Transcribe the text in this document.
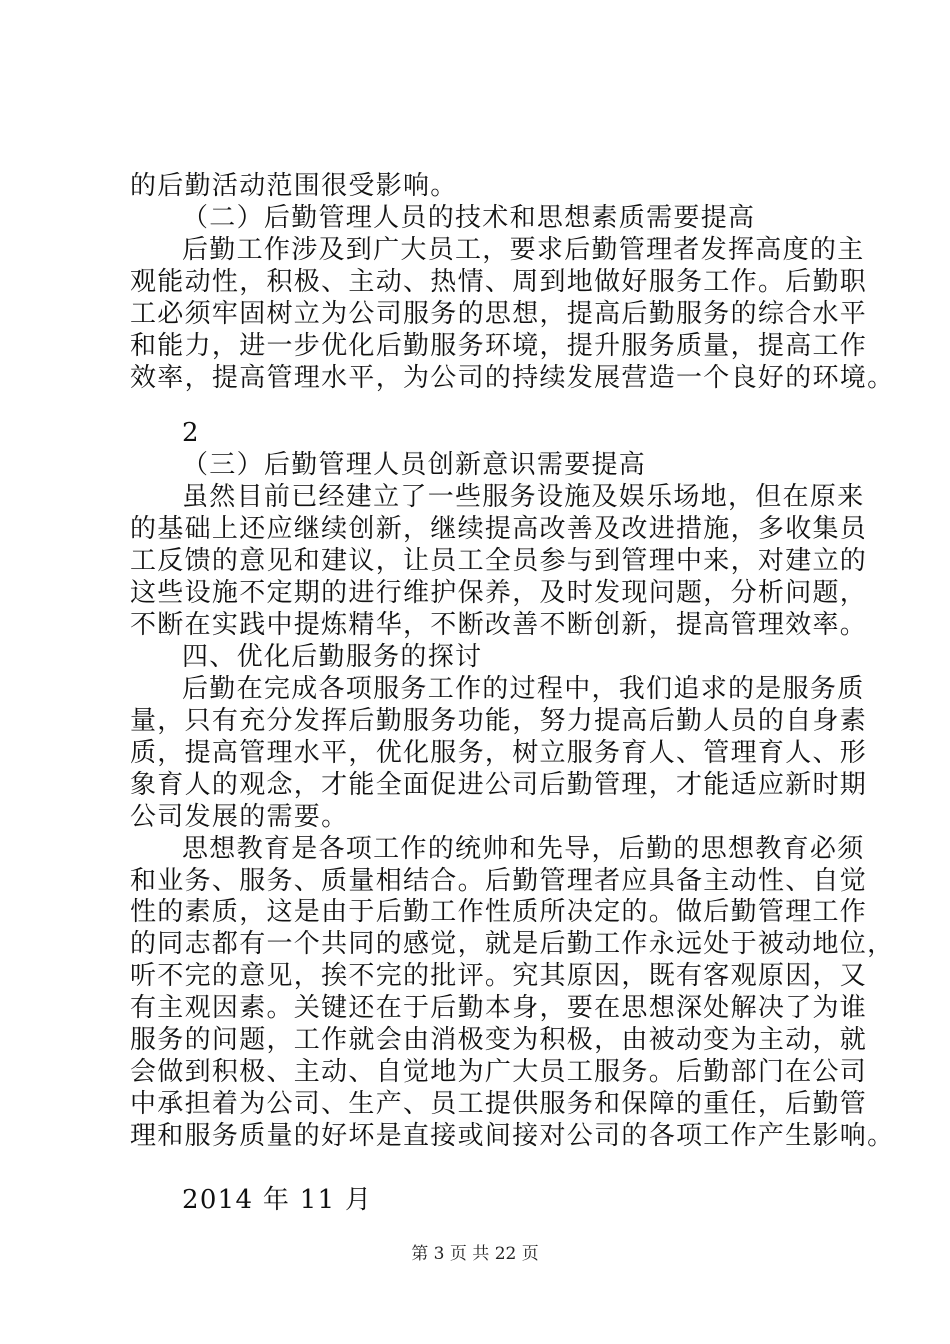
的后勤活动范围很受影响。
（二）后勤管理人员的技术和思想素质需要提高
后勤工作涉及到广大员工，要求后勤管理者发挥高度的主
观能动性，积极、主动、热情、周到地做好服务工作。后勤职
工必须牢固树立为公司服务的思想，提高后勤服务的综合水平
和能力，进一步优化后勤服务环境，提升服务质量，提高工作
效率，提高管理水平，为公司的持续发展营造一个良好的环境。
2
（三）后勤管理人员创新意识需要提高
虽然目前已经建立了一些服务设施及娱乐场地，但在原来
的基础上还应继续创新，继续提高改善及改进措施，多收集员
工反馈的意见和建议，让员工全员参与到管理中来，对建立的
这些设施不定期的进行维护保养，及时发现问题，分析问题，
不断在实践中提炼精华，不断改善不断创新，提高管理效率。
四、优化后勤服务的探讨
后勤在完成各项服务工作的过程中，我们追求的是服务质
量，只有充分发挥后勤服务功能，努力提高后勤人员的自身素
质，提高管理水平，优化服务，树立服务育人、管理育人、形
象育人的观念，才能全面促进公司后勤管理，才能适应新时期
公司发展的需要。
思想教育是各项工作的统帅和先导，后勤的思想教育必须
和业务、服务、质量相结合。后勤管理者应具备主动性、自觉
性的素质，这是由于后勤工作性质所决定的。做后勤管理工作
的同志都有一个共同的感觉，就是后勤工作永远处于被动地位，
听不完的意见，挨不完的批评。究其原因，既有客观原因，又
有主观因素。关键还在于后勤本身，要在思想深处解决了为谁
服务的问题，工作就会由消极变为积极，由被动变为主动，就
会做到积极、主动、自觉地为广大员工服务。后勤部门在公司
中承担着为公司、生产、员工提供服务和保障的重任，后勤管
理和服务质量的好坏是直接或间接对公司的各项工作产生影响。
2014 年 11 月
第 3 页 共 22 页
